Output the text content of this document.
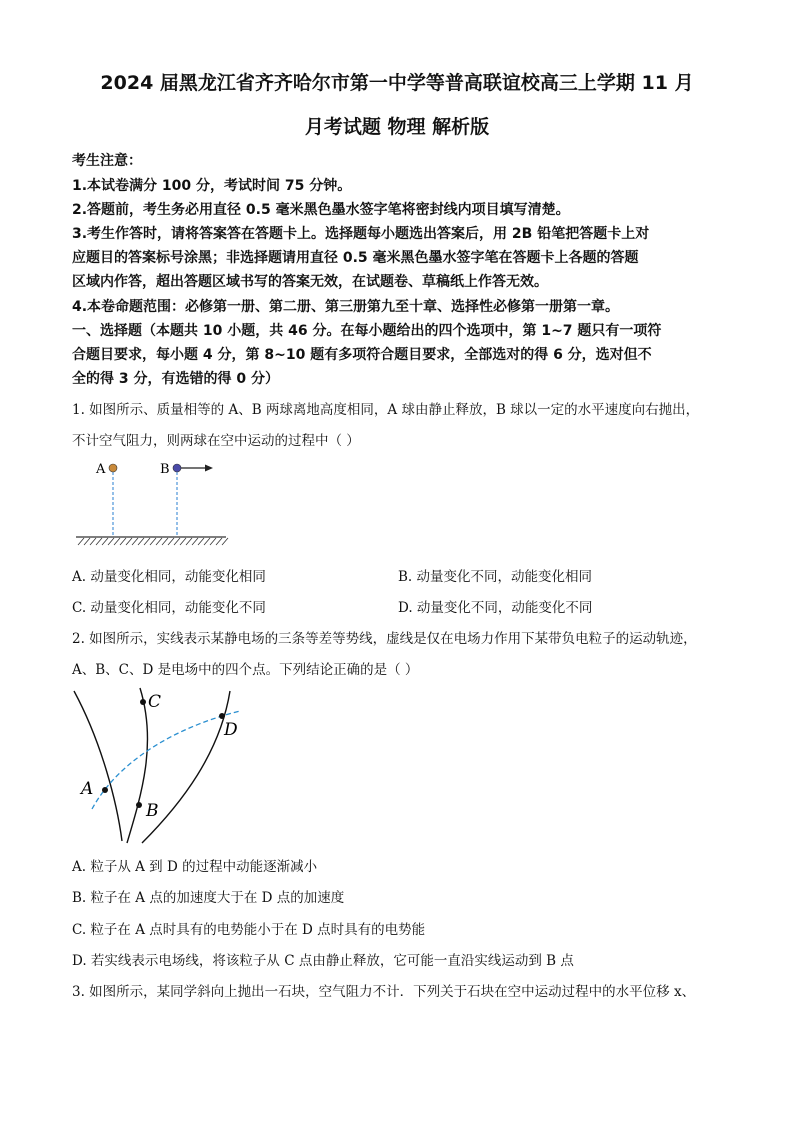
2024 届黑龙江省齐齐哈尔市第一中学等普高联谊校高三上学期 11 月
月考试题 物理 解析版
考生注意：
1.本试卷满分 100 分，考试时间 75 分钟。
2.答题前，考生务必用直径 0.5 毫米黑色墨水签字笔将密封线内项目填写清楚。
3.考生作答时，请将答案答在答题卡上。选择题每小题选出答案后，用 2B 铅笔把答题卡上对
应题目的答案标号涂黑；非选择题请用直径 0.5 毫米黑色墨水签字笔在答题卡上各题的答题
区域内作答，超出答题区域书写的答案无效，在试题卷、草稿纸上作答无效。
4.本卷命题范围：必修第一册、第二册、第三册第九至十章、选择性必修第一册第一章。
一、选择题（本题共 10 小题，共 46 分。在每小题给出的四个选项中，第 1~7 题只有一项符
合题目要求，每小题 4 分，第 8~10 题有多项符合题目要求，全部选对的得 6 分，选对但不
全的得 3 分，有选错的得 0 分）
1. 如图所示、质量相等的 A、B 两球离地高度相同，A 球由静止释放，B 球以一定的水平速度向右抛出，
不计空气阻力，则两球在空中运动的过程中（ ）
A	B
A. 动量变化相同，动能变化相同	B. 动量变化不同，动能变化相同
C. 动量变化相同，动能变化不同	D. 动量变化不同，动能变化不同
2. 如图所示，实线表示某静电场的三条等差等势线，虚线是仅在电场力作用下某带负电粒子的运动轨迹，
A、B、C、D 是电场中的四个点。下列结论正确的是（ ）
A
B
C
D
A. 粒子从 A 到 D 的过程中动能逐渐减小
B. 粒子在 A 点的加速度大于在 D 点的加速度
C. 粒子在 A 点时具有的电势能小于在 D 点时具有的电势能
D. 若实线表示电场线，将该粒子从 C 点由静止释放，它可能一直沿实线运动到 B 点
3. 如图所示，某同学斜向上抛出一石块，空气阻力不计．下列关于石块在空中运动过程中的水平位移 x、
